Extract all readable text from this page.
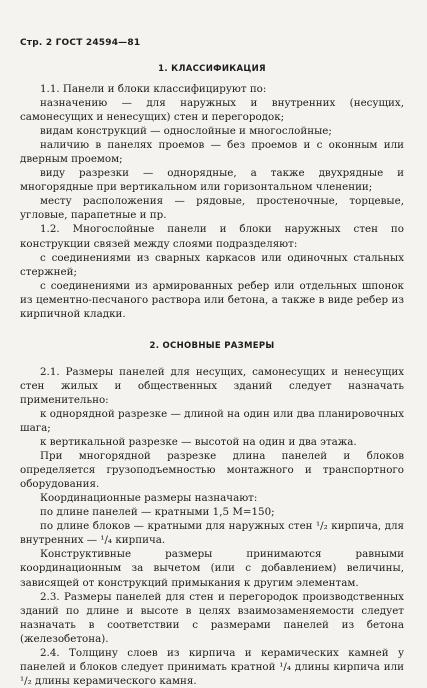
Стр. 2 ГОСТ 24594—81
1. КЛАССИФИКАЦИЯ

1.1. Панели и блоки классифицируют по:

назначению — для наружных и внутренних (несущих, самонесущих и ненесущих) стен и перегородок;

видам конструкций — однослойные и многослойные;

наличию в панелях проемов — без проемов и с оконным или дверным проемом;

виду разрезки — однорядные, а также двухрядные и многорядные при вертикальном или горизонтальном членении;

месту расположения — рядовые, простеночные, торцевые, угловые, парапетные и пр.

1.2. Многослойные панели и блоки наружных стен по конструкции связей между слоями подразделяют:

с соединениями из сварных каркасов или одиночных стальных стержней;

с соединениями из армированных ребер или отдельных шпонок из цементно-песчаного раствора или бетона, а также в виде ребер из кирпичной кладки.

2. ОСНОВНЫЕ РАЗМЕРЫ

2.1. Размеры панелей для несущих, самонесущих и ненесущих стен жилых и общественных зданий следует назначать применительно:

к однорядной разрезке — длиной на один или два планировочных шага;

к вертикальной разрезке — высотой на один и два этажа.

При многорядной разрезке длина панелей и блоков определяется грузоподъемностью монтажного и транспортного оборудования.

Координационные размеры назначают:

по длине панелей — кратными 1,5 М=150;

по длине блоков — кратными для наружных стен ¹/₂ кирпича, для внутренних — ¹/₄ кирпича.

Конструктивные размеры принимаются равными координационным за вычетом (или с добавлением) величины, зависящей от конструкций примыкания к другим элементам.

2.3. Размеры панелей для стен и перегородок производственных зданий по длине и высоте в целях взаимозаменяемости следует назначать в соответствии с размерами панелей из бетона (железобетона).

2.4. Толщину слоев из кирпича и керамических камней у панелей и блоков следует принимать кратной ¹/₄ длины кирпича или ¹/₂ длины керамического камня.
